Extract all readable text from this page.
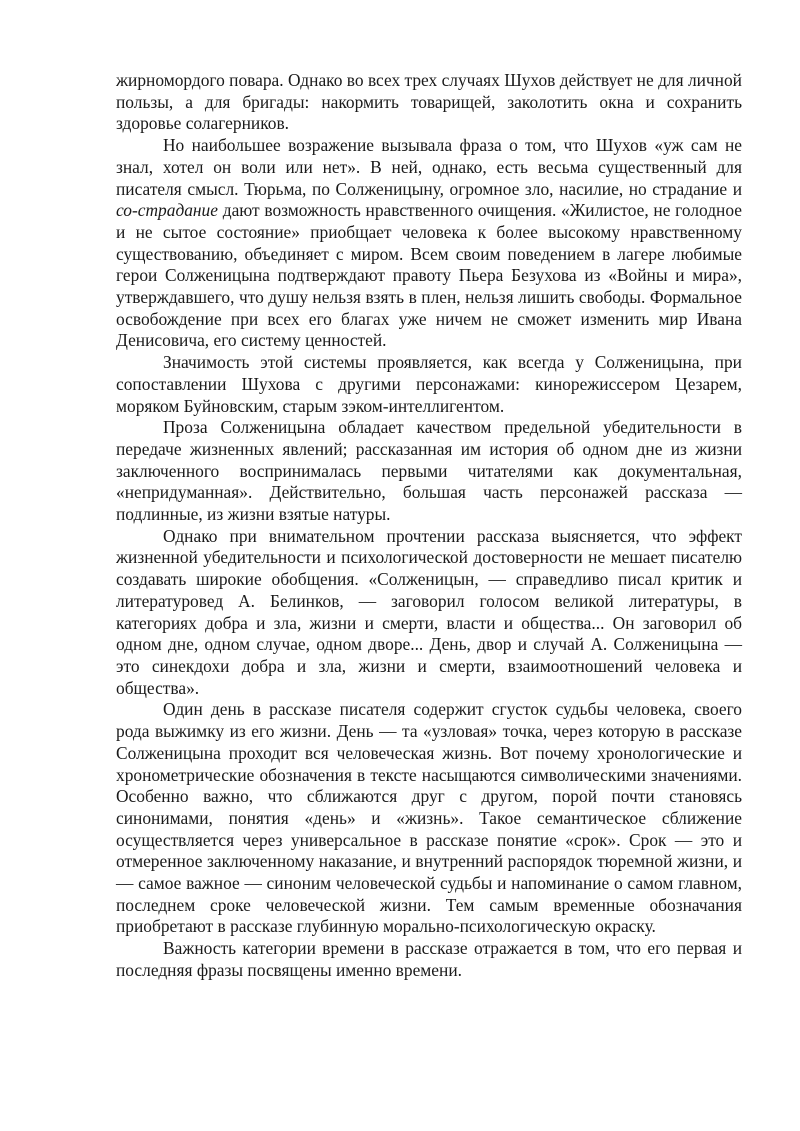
жирномордого повара. Однако во всех трех случаях Шухов действует не для личной пользы, а для бригады: накормить товарищей, заколотить окна и сохранить здоровье солагерников.

Но наибольшее возражение вызывала фраза о том, что Шухов «уж сам не знал, хотел он воли или нет». В ней, однако, есть весьма существенный для писателя смысл. Тюрьма, по Солженицыну, огромное зло, насилие, но страдание и со-страдание дают возможность нравственного очищения. «Жилистое, не голодное и не сытое состояние» приобщает человека к более высокому нравственному существованию, объединяет с миром. Всем своим поведением в лагере любимые герои Солженицына подтверждают правоту Пьера Безухова из «Войны и мира», утверждавшего, что душу нельзя взять в плен, нельзя лишить свободы. Формальное освобождение при всех его благах уже ничем не сможет изменить мир Ивана Денисовича, его систему ценностей.

Значимость этой системы проявляется, как всегда у Солженицына, при сопоставлении Шухова с другими персонажами: кинорежиссером Цезарем, моряком Буйновским, старым зэком-интеллигентом.

Проза Солженицына обладает качеством предельной убедительности в передаче жизненных явлений; рассказанная им история об одном дне из жизни заключенного воспринималась первыми читателями как документальная, «непридуманная». Действительно, большая часть персонажей рассказа — подлинные, из жизни взятые натуры.

Однако при внимательном прочтении рассказа выясняется, что эффект жизненной убедительности и психологической достоверности не мешает писателю создавать широкие обобщения. «Солженицын, — справедливо писал критик и литературовед А. Белинков, — заговорил голосом великой литературы, в категориях добра и зла, жизни и смерти, власти и общества... Он заговорил об одном дне, одном случае, одном дворе... День, двор и случай А. Солженицына — это синекдохи добра и зла, жизни и смерти, взаимоотношений человека и общества».

Один день в рассказе писателя содержит сгусток судьбы человека, своего рода выжимку из его жизни. День — та «узловая» точка, через которую в рассказе Солженицына проходит вся человеческая жизнь. Вот почему хронологические и хронометрические обозначения в тексте насыщаются символическими значениями. Особенно важно, что сближаются друг с другом, порой почти становясь синонимами, понятия «день» и «жизнь». Такое семантическое сближение осуществляется через универсальное в рассказе понятие «срок». Срок — это и отмеренное заключенному наказание, и внутренний распорядок тюремной жизни, и — самое важное — синоним человеческой судьбы и напоминание о самом главном, последнем сроке человеческой жизни. Тем самым временные обозначания приобретают в рассказе глубинную морально-психологическую окраску.

Важность категории времени в рассказе отражается в том, что его первая и последняя фразы посвящены именно времени.
